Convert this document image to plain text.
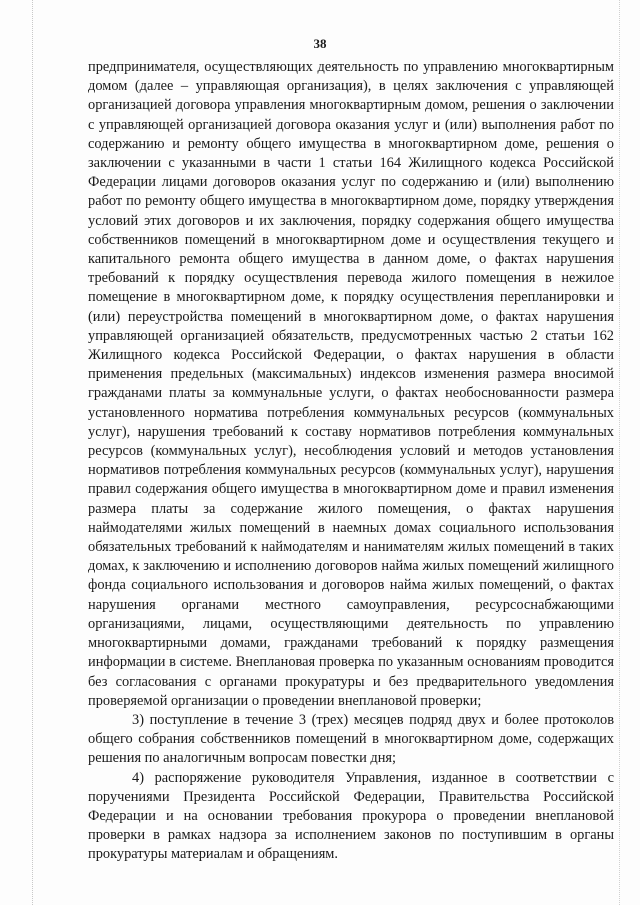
38

предпринимателя, осуществляющих деятельность по управлению многоквартирным домом (далее – управляющая организация), в целях заключения с управляющей организацией договора управления многоквартирным домом, решения о заключении с управляющей организацией договора оказания услуг и (или) выполнения работ по содержанию и ремонту общего имущества в многоквартирном доме, решения о заключении с указанными в части 1 статьи 164 Жилищного кодекса Российской Федерации лицами договоров оказания услуг по содержанию и (или) выполнению работ по ремонту общего имущества в многоквартирном доме, порядку утверждения условий этих договоров и их заключения, порядку содержания общего имущества собственников помещений в многоквартирном доме и осуществления текущего и капитального ремонта общего имущества в данном доме, о фактах нарушения требований к порядку осуществления перевода жилого помещения в нежилое помещение в многоквартирном доме, к порядку осуществления перепланировки и (или) переустройства помещений в многоквартирном доме, о фактах нарушения управляющей организацией обязательств, предусмотренных частью 2 статьи 162 Жилищного кодекса Российской Федерации, о фактах нарушения в области применения предельных (максимальных) индексов изменения размера вносимой гражданами платы за коммунальные услуги, о фактах необоснованности размера установленного норматива потребления коммунальных ресурсов (коммунальных услуг), нарушения требований к составу нормативов потребления коммунальных ресурсов (коммунальных услуг), несоблюдения условий и методов установления нормативов потребления коммунальных ресурсов (коммунальных услуг), нарушения правил содержания общего имущества в многоквартирном доме и правил изменения размера платы за содержание жилого помещения, о фактах нарушения наймодателями жилых помещений в наемных домах социального использования обязательных требований к наймодателям и нанимателям жилых помещений в таких домах, к заключению и исполнению договоров найма жилых помещений жилищного фонда социального использования и договоров найма жилых помещений, о фактах нарушения органами местного самоуправления, ресурсоснабжающими организациями, лицами, осуществляющими деятельность по управлению многоквартирными домами, гражданами требований к порядку размещения информации в системе. Внеплановая проверка по указанным основаниям проводится без согласования с органами прокуратуры и без предварительного уведомления проверяемой организации о проведении внеплановой проверки;

3) поступление в течение 3 (трех) месяцев подряд двух и более протоколов общего собрания собственников помещений в многоквартирном доме, содержащих решения по аналогичным вопросам повестки дня;

4) распоряжение руководителя Управления, изданное в соответствии с поручениями Президента Российской Федерации, Правительства Российской Федерации и на основании требования прокурора о проведении внеплановой проверки в рамках надзора за исполнением законов по поступившим в органы прокуратуры материалам и обращениям.
